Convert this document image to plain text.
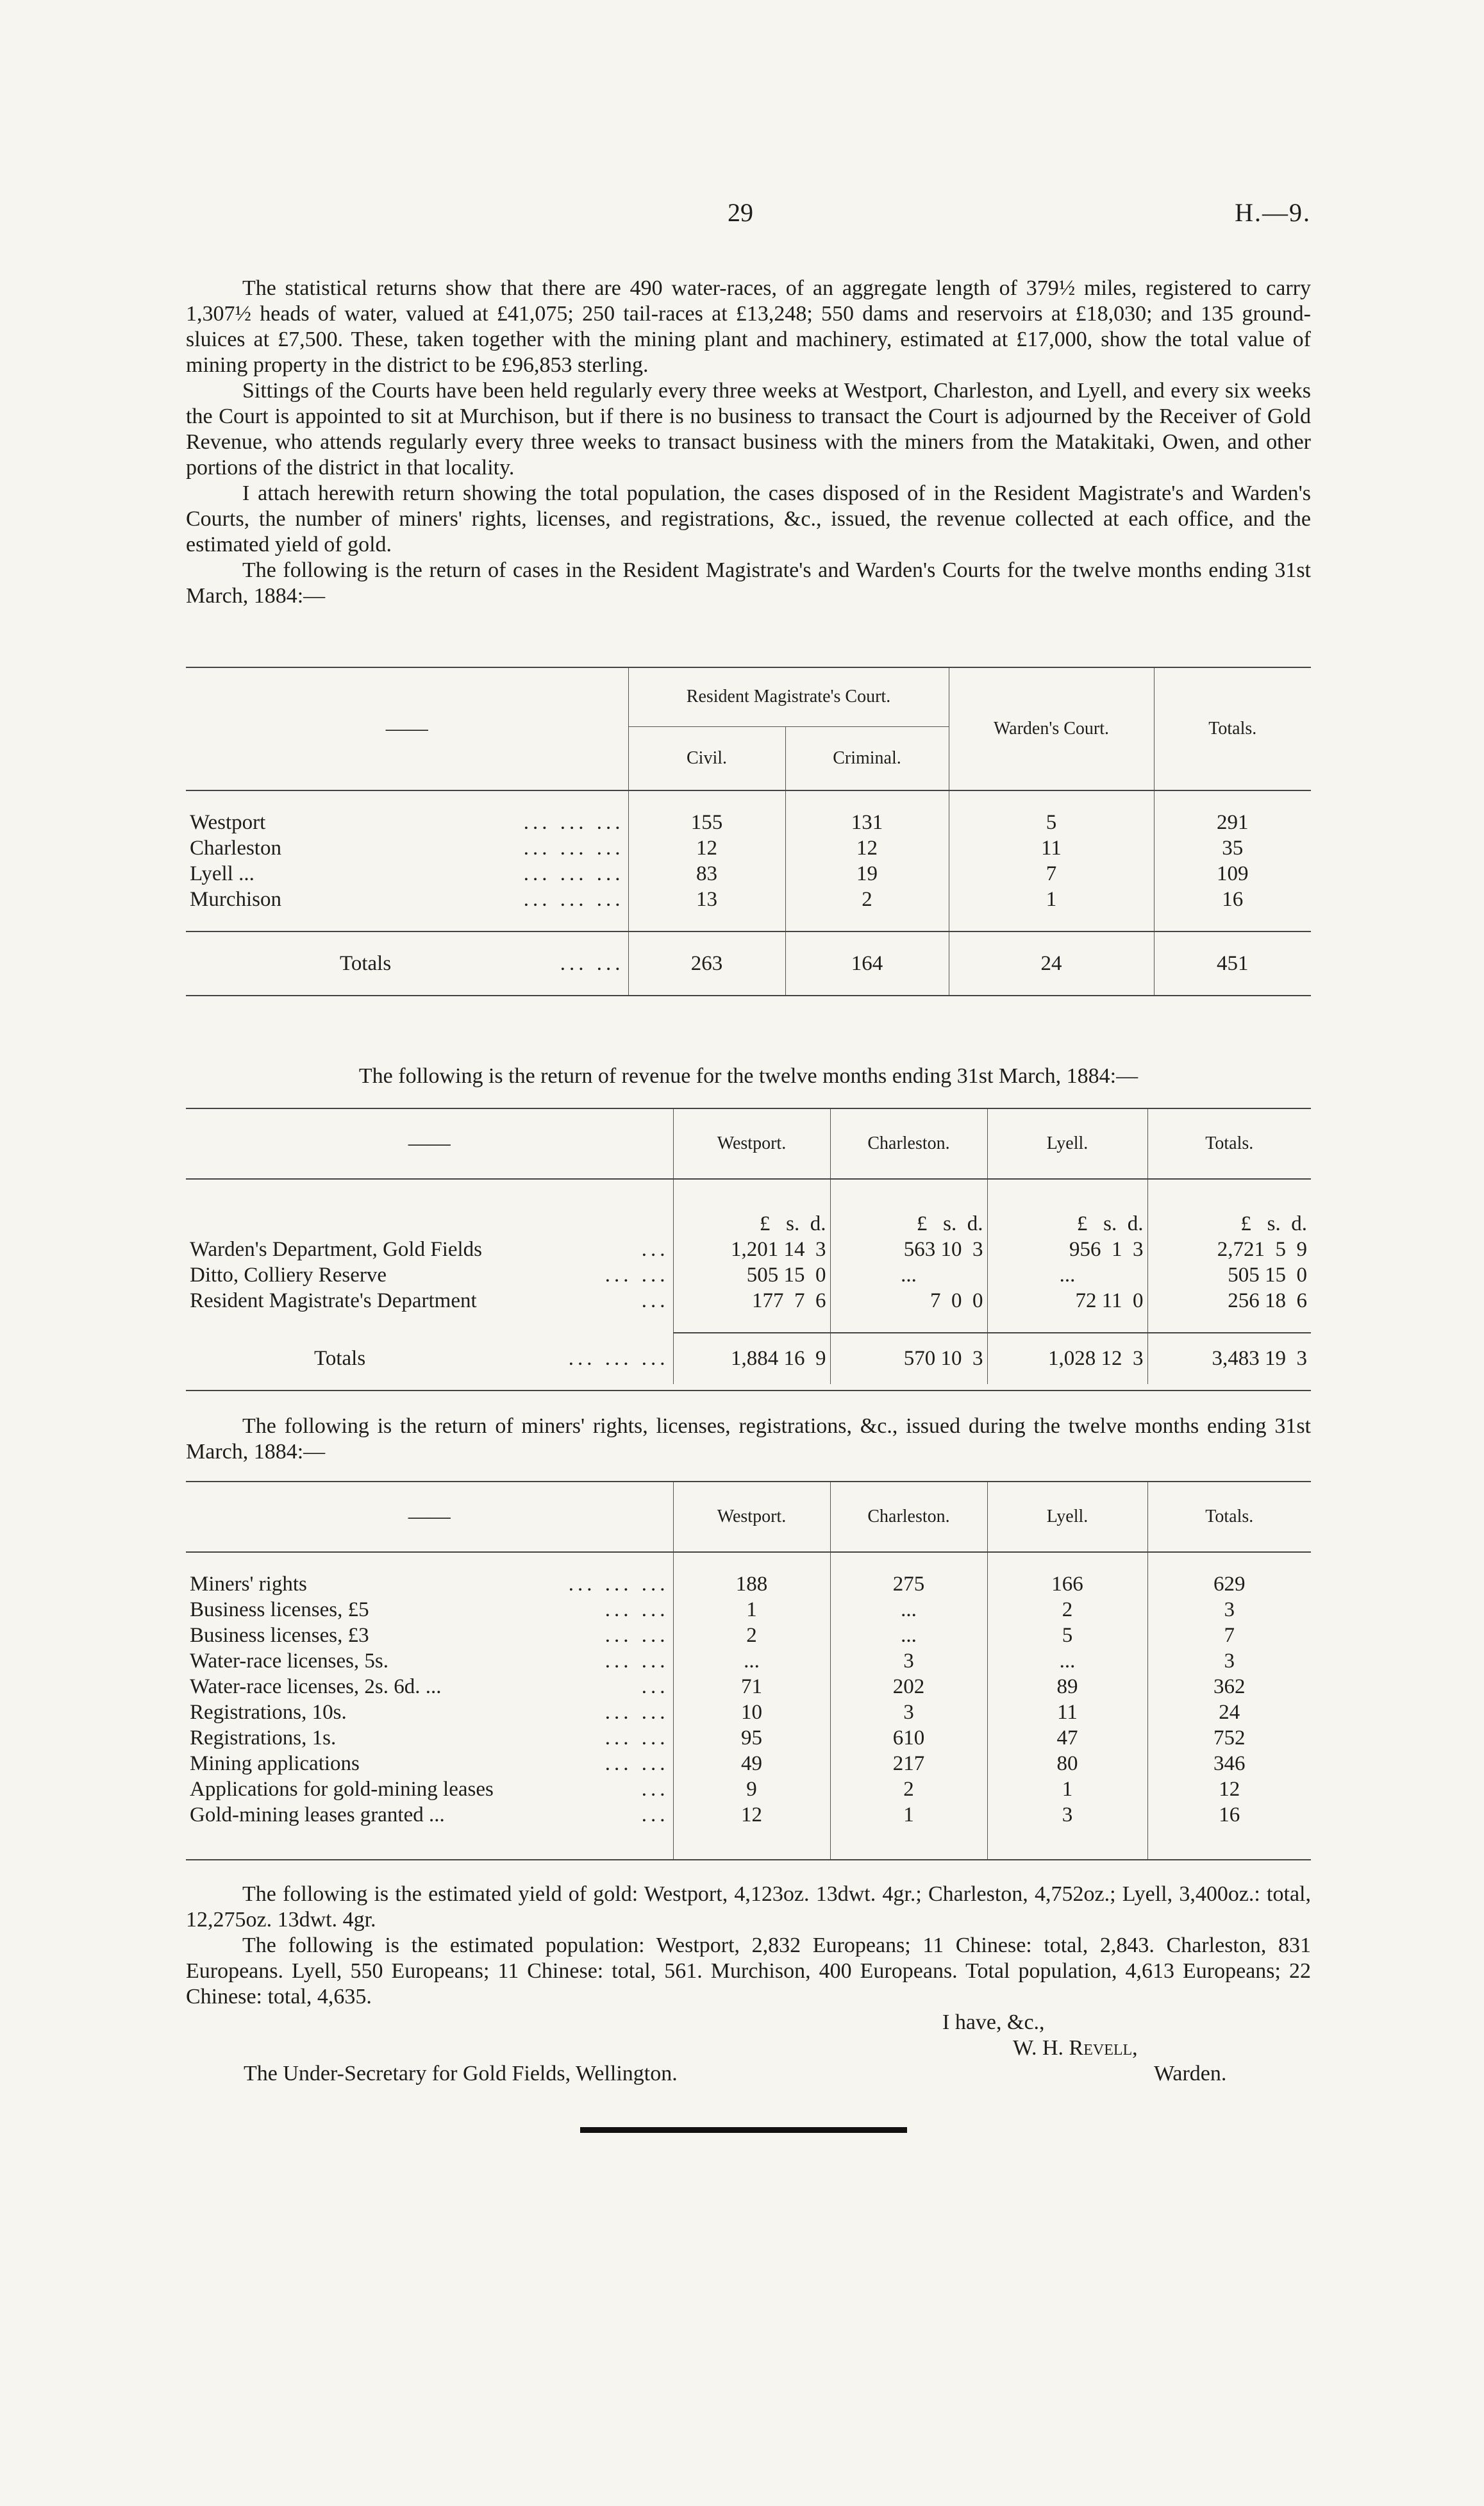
29	H.—9.

The statistical returns show that there are 490 water-races, of an aggregate length of 379½ miles, registered to carry 1,307½ heads of water, valued at £41,075; 250 tail-races at £13,248; 550 dams and reservoirs at £18,030; and 135 ground-sluices at £7,500. These, taken together with the mining plant and machinery, estimated at £17,000, show the total value of mining property in the district to be £96,853 sterling.

Sittings of the Courts have been held regularly every three weeks at Westport, Charleston, and Lyell, and every six weeks the Court is appointed to sit at Murchison, but if there is no business to transact the Court is adjourned by the Receiver of Gold Revenue, who attends regularly every three weeks to transact business with the miners from the Matakitaki, Owen, and other portions of the district in that locality.

I attach herewith return showing the total population, the cases disposed of in the Resident Magistrate's and Warden's Courts, the number of miners' rights, licenses, and registrations, &c., issued, the revenue collected at each office, and the estimated yield of gold.

The following is the return of cases in the Resident Magistrate's and Warden's Courts for the twelve months ending 31st March, 1884:—

——	Resident Magistrate's Court.		Warden's Court.	Totals.
	Civil.	Criminal.		

Westport ... ... ...	155	131	5	291
Charleston ... ... ...	12	12	11	35
Lyell ... ... ... ...	83	19	7	109
Murchison ... ... ...	13	2	1	16

Totals ... ...	263	164	24	451
The following is the return of revenue for the twelve months ending 31st March, 1884:—
——	Westport.	Charleston.	Lyell.	Totals.

	£   s.  d.	£   s.  d.	£   s.  d.	£   s.  d.
Warden's Department, Gold Fields ...	1,201 14  3	563 10  3	956  1  3	2,721  5  9
Ditto, Colliery Reserve ... ...	505 15  0	...	...	505 15  0
Resident Magistrate's Department ...	177  7  6	7  0  0	72 11  0	256 18  6

Totals ... ... ...	1,884 16  9	570 10  3	1,028 12  3	3,483 19  3

The following is the return of miners' rights, licenses, registrations, &c., issued during the twelve months ending 31st March, 1884:—
——	Westport.	Charleston.	Lyell.	Totals.

Miners' rights ... ... ...	188	275	166	629
Business licenses, £5 ... ...	1	...	2	3
Business licenses, £3 ... ...	2	...	5	7
Water-race licenses, 5s. ... ...	...	3	...	3
Water-race licenses, 2s. 6d. ... ...	71	202	89	362
Registrations, 10s. ... ...	10	3	11	24
Registrations, 1s. ... ...	95	610	47	752
Mining applications ... ...	49	217	80	346
Applications for gold-mining leases ...	9	2	1	12
Gold-mining leases granted ... ...	12	1	3	16

The following is the estimated yield of gold: Westport, 4,123oz. 13dwt. 4gr.; Charleston, 4,752oz.; Lyell, 3,400oz.: total, 12,275oz. 13dwt. 4gr.

The following is the estimated population: Westport, 2,832 Europeans; 11 Chinese: total, 2,843. Charleston, 831 Europeans. Lyell, 550 Europeans; 11 Chinese: total, 561. Murchison, 400 Europeans. Total population, 4,613 Europeans; 22 Chinese: total, 4,635.

I have, &c.,
W. H. Revell,
The Under-Secretary for Gold Fields, Wellington.	Warden.
